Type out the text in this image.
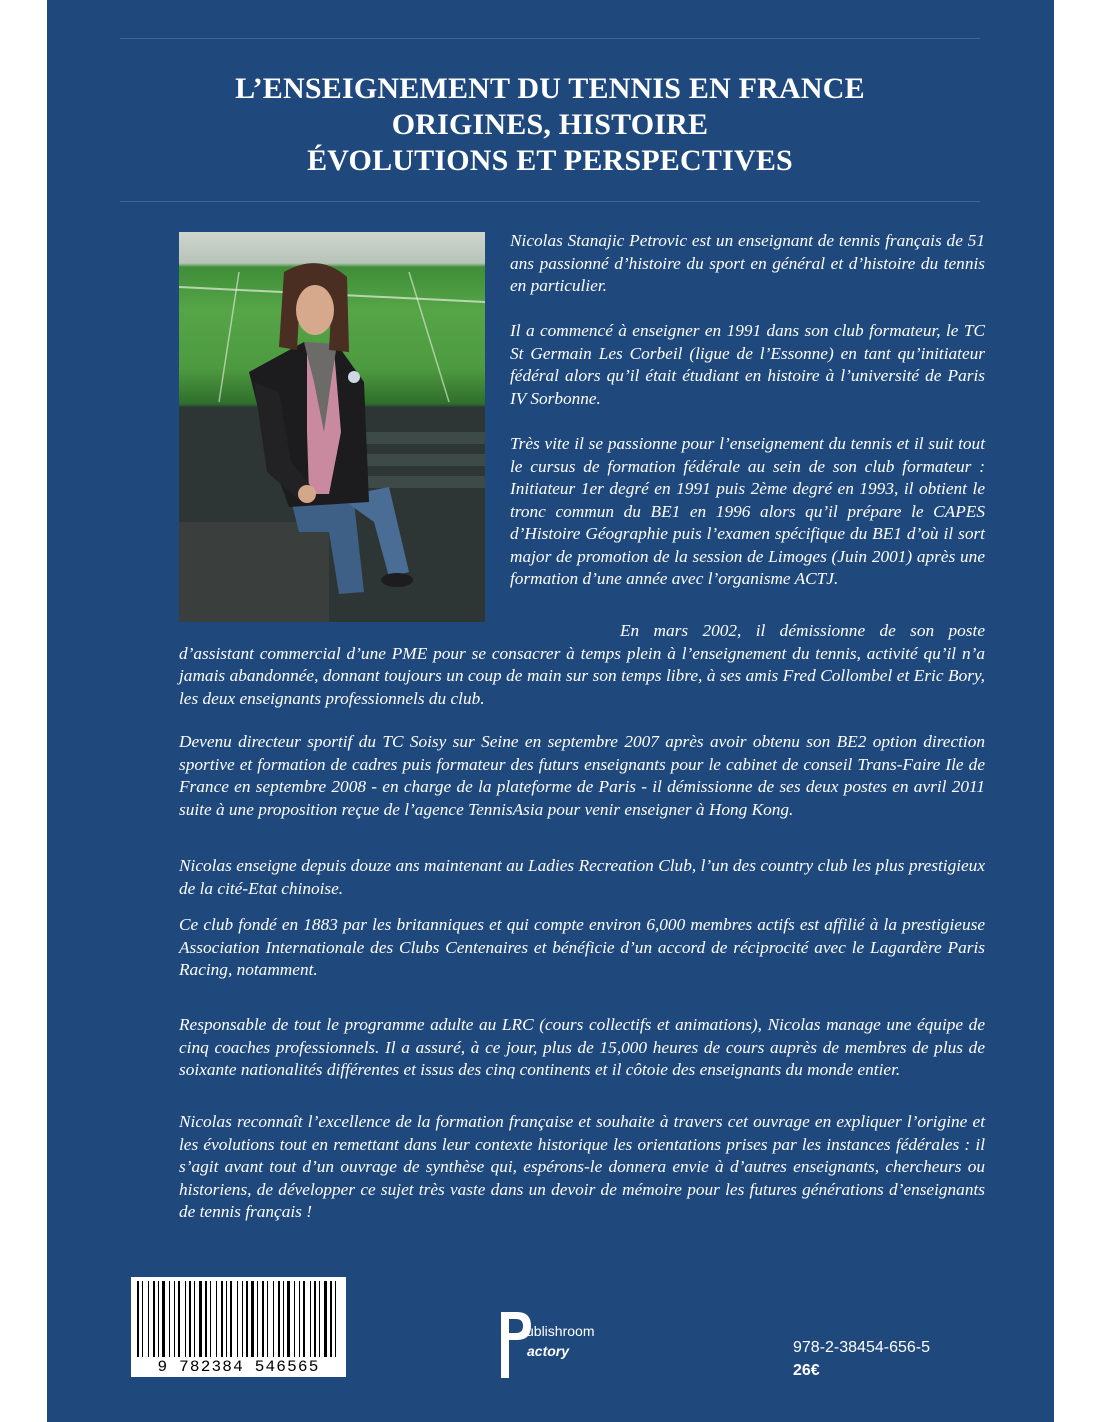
L’ENSEIGNEMENT DU TENNIS EN FRANCE
ORIGINES, HISTOIRE
ÉVOLUTIONS ET PERSPECTIVES

Nicolas Stanajic Petrovic est un enseignant de tennis français de 51 ans passionné d’histoire du sport en général et d’histoire du tennis en particulier.

Il a commencé à enseigner en 1991 dans son club formateur, le TC St Germain Les Corbeil (ligue de l’Essonne) en tant qu’initiateur fédéral alors qu’il était étudiant en histoire à l’université de Paris IV Sorbonne.

Très vite il se passionne pour l’enseignement du tennis et il suit tout le cursus de formation fédérale au sein de son club formateur : Initiateur 1er degré en 1991 puis 2ème degré en 1993, il obtient le tronc commun du BE1 en 1996 alors qu’il prépare le CAPES d’Histoire Géographie puis l’examen spécifique du BE1 d’où il sort major de promotion de la session de Limoges (Juin 2001) après une formation d’une année avec l’organisme ACTJ.

En mars 2002, il démissionne de son poste d’assistant commercial d’une PME pour se consacrer à temps plein à l’enseignement du tennis, activité qu’il n’a jamais abandonnée, donnant toujours un coup de main sur son temps libre, à ses amis Fred Collombel et Eric Bory, les deux enseignants professionnels du club.

Devenu directeur sportif du TC Soisy sur Seine en septembre 2007 après avoir obtenu son BE2 option direction sportive et formation de cadres puis formateur des futurs enseignants pour le cabinet de conseil Trans-Faire Ile de France en septembre 2008 - en charge de la plateforme de Paris - il démissionne de ses deux postes en avril 2011 suite à une proposition reçue de l’agence TennisAsia pour venir enseigner à Hong Kong.

Nicolas enseigne depuis douze ans maintenant au Ladies Recreation Club, l’un des country club les plus prestigieux de la cité-Etat chinoise.

Ce club fondé en 1883 par les britanniques et qui compte environ 6,000 membres actifs est affilié à la prestigieuse Association Internationale des Clubs Centenaires et bénéficie d’un accord de réciprocité avec le Lagardère Paris Racing, notamment.

Responsable de tout le programme adulte au LRC (cours collectifs et animations), Nicolas manage une équipe de cinq coaches professionnels. Il a assuré, à ce jour, plus de 15,000 heures de cours auprès de membres de plus de soixante nationalités différentes et issus des cinq continents et il côtoie des enseignants du monde entier.

Nicolas reconnaît l’excellence de la formation française et souhaite à travers cet ouvrage en expliquer l’origine et les évolutions tout en remettant dans leur contexte historique les orientations prises par les instances fédérales : il s’agit avant tout d’un ouvrage de synthèse qui, espérons-le donnera envie à d’autres enseignants, chercheurs ou historiens, de développer ce sujet très vaste dans un devoir de mémoire pour les futures générations d’enseignants de tennis français !

9 782384 546565
ublishroom
actory	978-2-38454-656-5
26€
